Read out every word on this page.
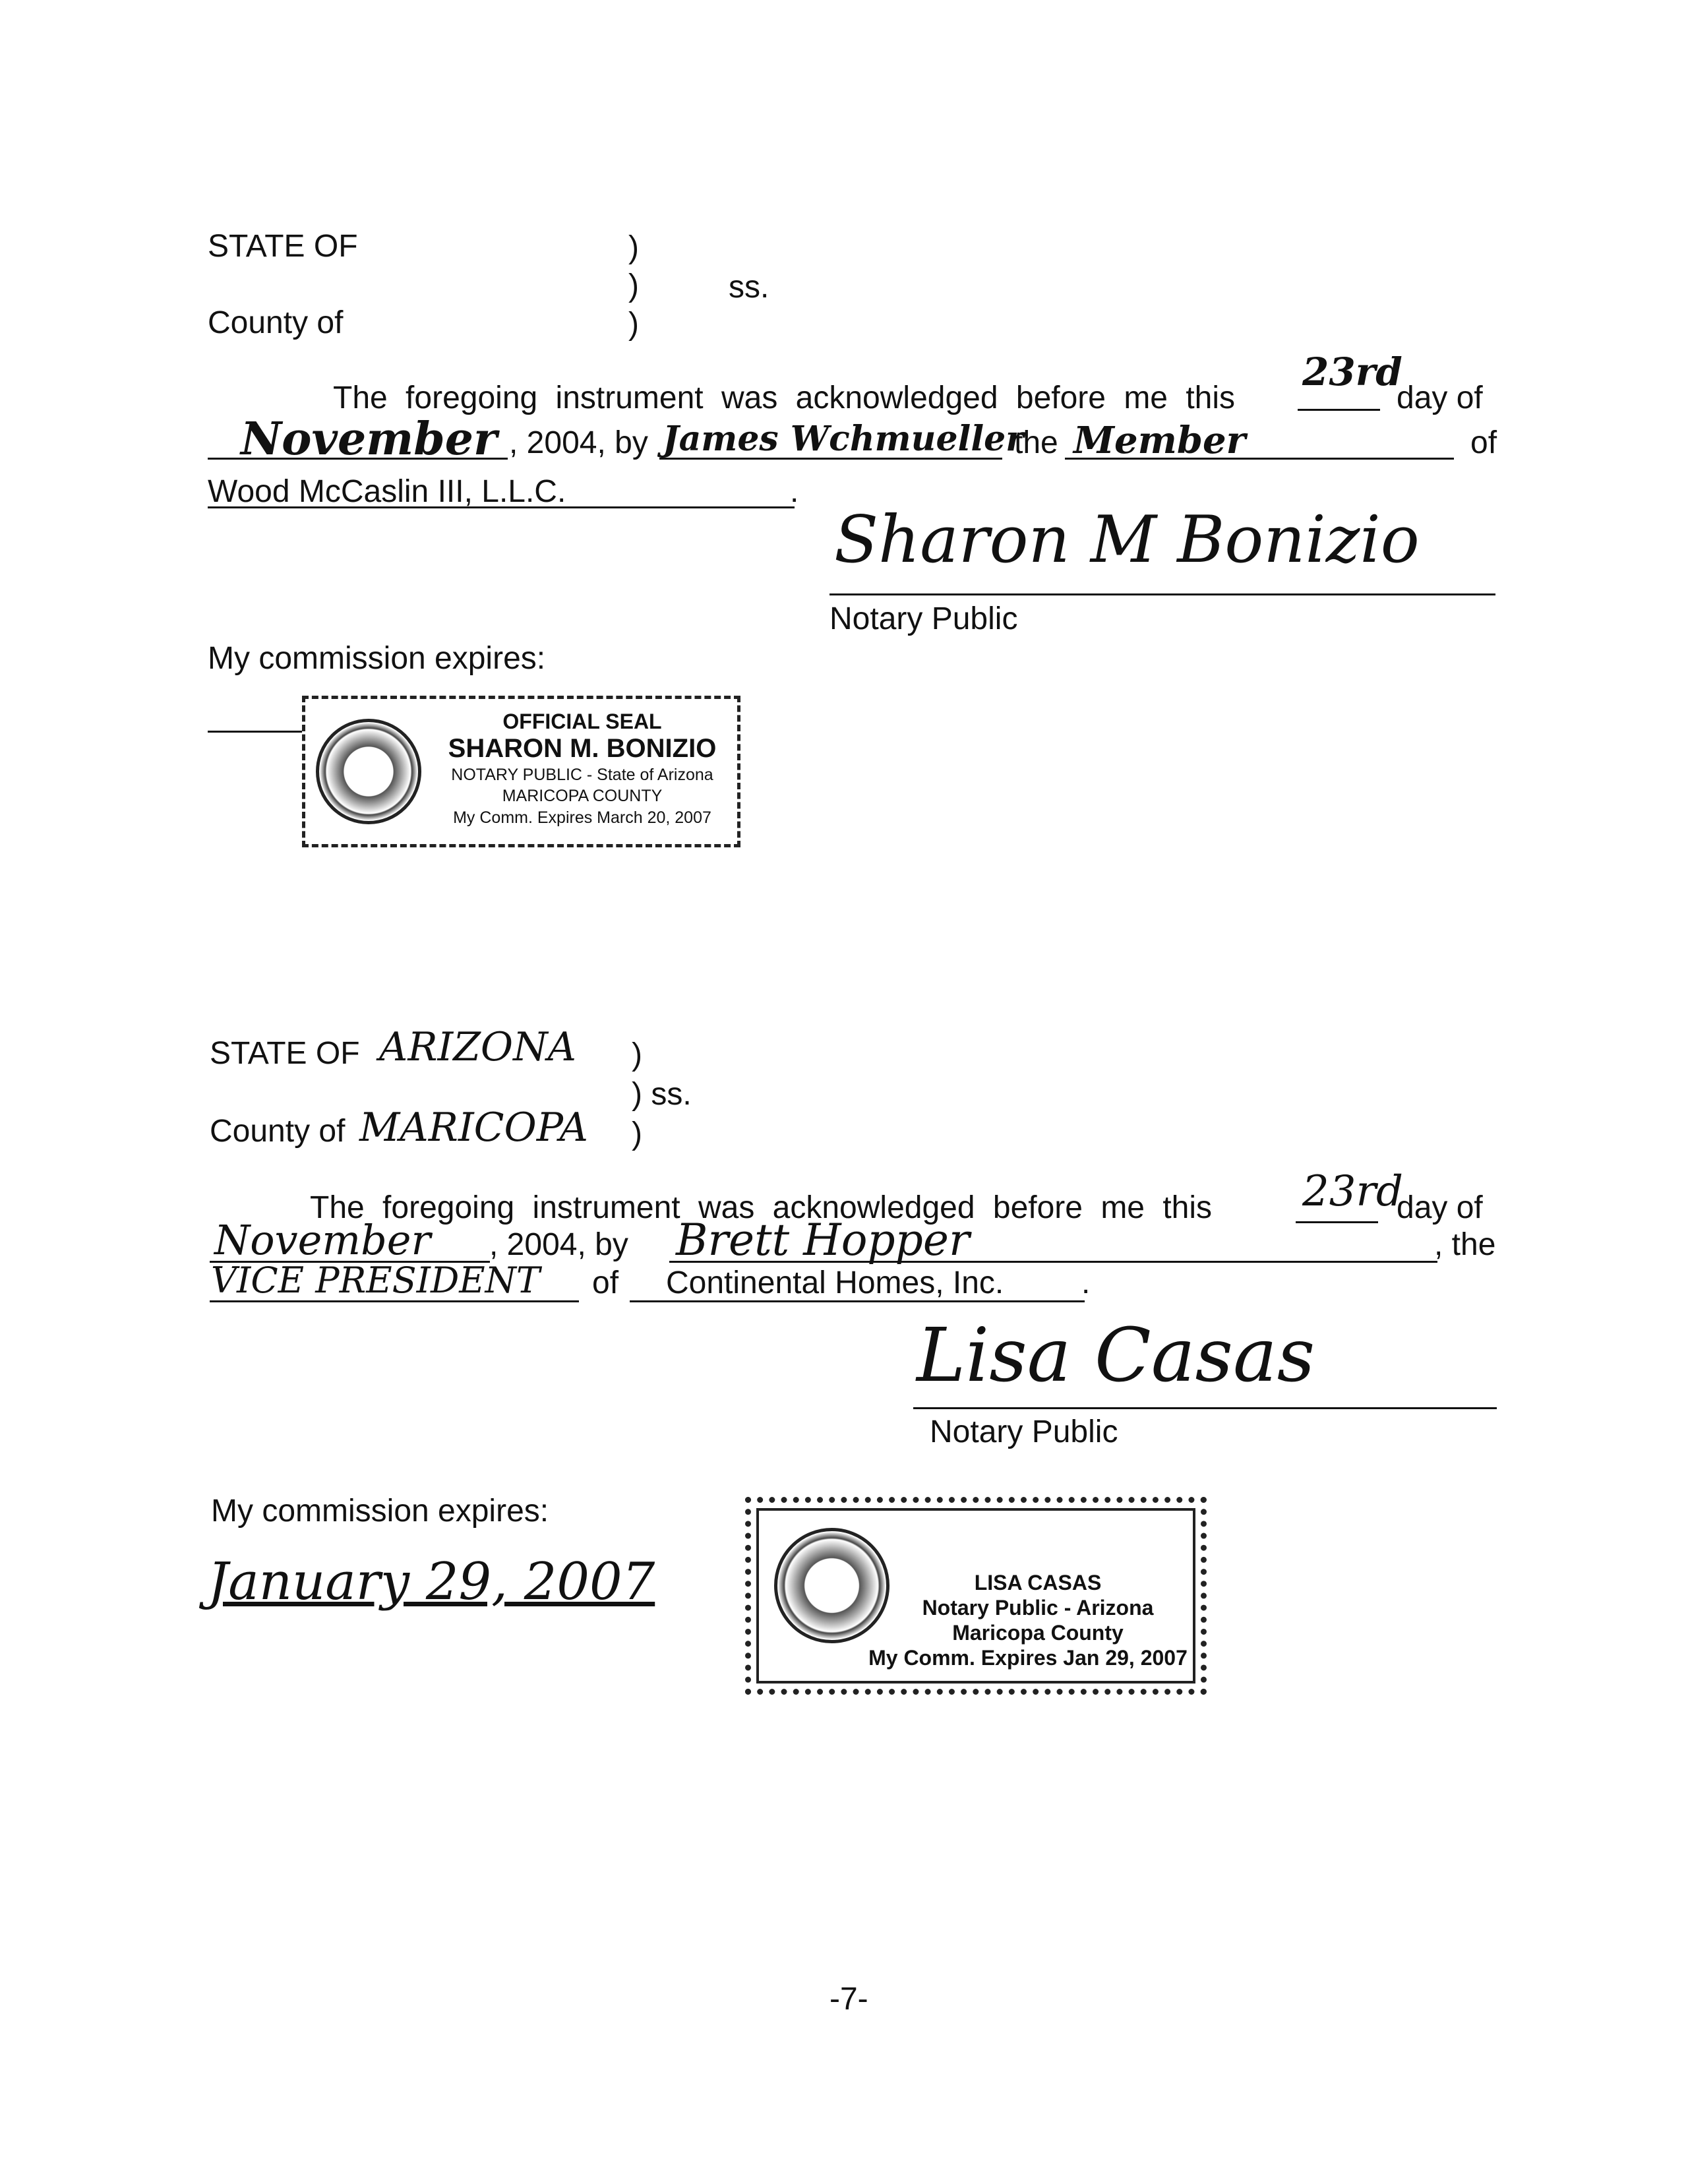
STATE OF	)
)	ss.
County of	)
The foregoing instrument was acknowledged before me this
23rd
day of
November , 2004, by James Wchmueller
the Member	of
Wood McCaslin III, L.L.C.	.
Sharon M Bonizio
Notary Public
My commission expires:
OFFICIAL SEAL
SHARON M. BONIZIO
NOTARY PUBLIC - State of Arizona
MARICOPA COUNTY
My Comm. Expires March 20, 2007
STATE OF ARIZONA )
) ss.
County of MARICOPA )
The foregoing instrument was acknowledged before me this 23rd
day of
November , 2004, by Brett Hopper	, the
VICE PRESIDENT of Continental Homes, Inc. .
Lisa Casas
Notary Public
My commission expires:
January 29, 2007	LISA CASAS
Notary Public - Arizona
Maricopa County
My Comm. Expires Jan 29, 2007
-7-
